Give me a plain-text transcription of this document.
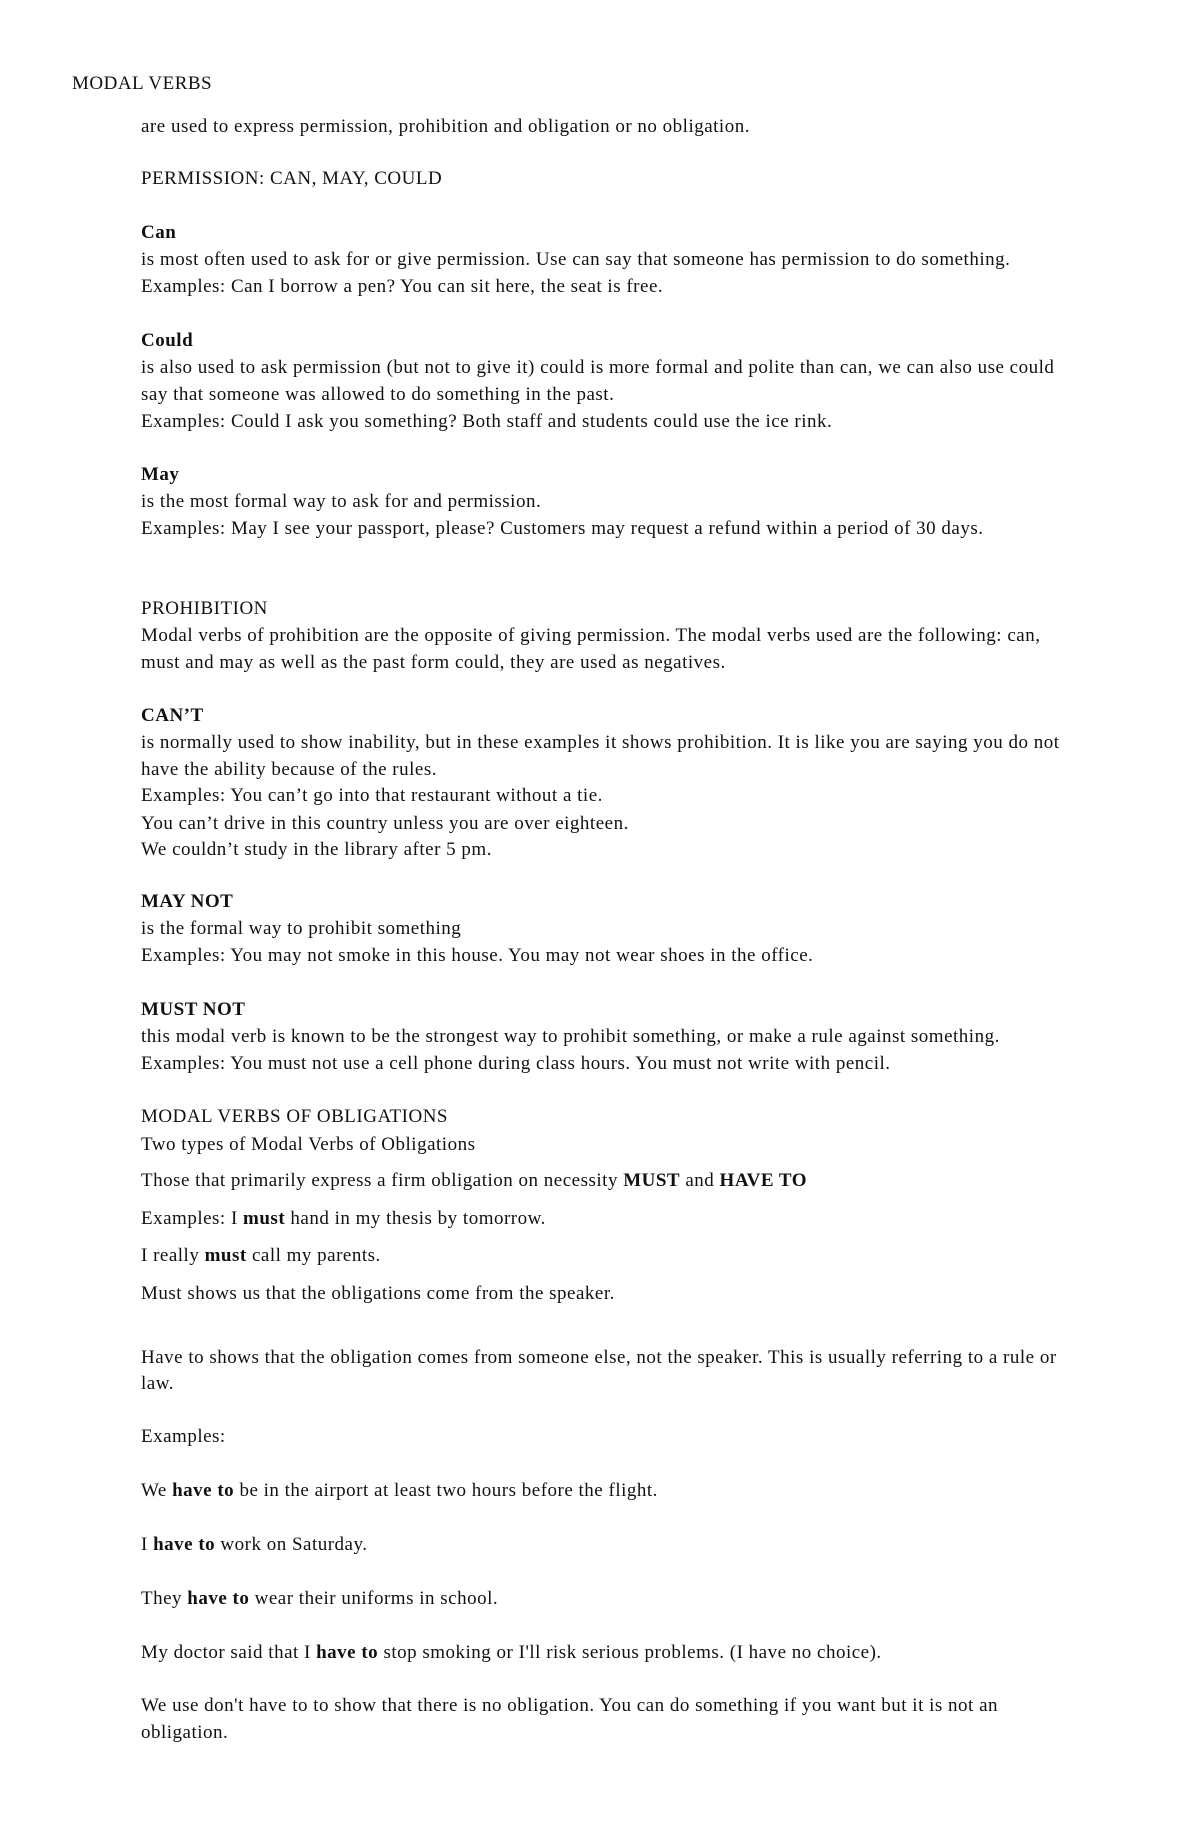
MODAL VERBS
are used to express permission, prohibition and obligation or no obligation.
PERMISSION: CAN, MAY, COULD
Can
is most often used to ask for or give permission. Use can say that someone has permission to do something.
Examples: Can I borrow a pen? You can sit here, the seat is free.
Could
is also used to ask permission (but not to give it) could is more formal and polite than can, we can also use could
say that someone was allowed to do something in the past.
Examples: Could I ask you something? Both staff and students could use the ice rink.
May
is the most formal way to ask for and permission.
Examples: May I see your passport, please? Customers may request a refund within a period of 30 days.
PROHIBITION
Modal verbs of prohibition are the opposite of giving permission. The modal verbs used are the following: can,
must and may as well as the past form could, they are used as negatives.
CAN’T
is normally used to show inability, but in these examples it shows prohibition. It is like you are saying you do not
have the ability because of the rules.
Examples: You can’t go into that restaurant without a tie.
You can’t drive in this country unless you are over eighteen.
We couldn’t study in the library after 5 pm.
MAY NOT
is the formal way to prohibit something
Examples: You may not smoke in this house. You may not wear shoes in the office.
MUST NOT
this modal verb is known to be the strongest way to prohibit something, or make a rule against something.
Examples: You must not use a cell phone during class hours. You must not write with pencil.
MODAL VERBS OF OBLIGATIONS
Two types of Modal Verbs of Obligations
Those that primarily express a firm obligation on necessity MUST and HAVE TO
Examples: I must hand in my thesis by tomorrow.
I really must call my parents.
Must shows us that the obligations come from the speaker.
Have to shows that the obligation comes from someone else, not the speaker. This is usually referring to a rule or
law.
Examples:
We have to be in the airport at least two hours before the flight.
I have to work on Saturday.
They have to wear their uniforms in school.
My doctor said that I have to stop smoking or I'll risk serious problems. (I have no choice).
We use don't have to to show that there is no obligation. You can do something if you want but it is not an
obligation.
